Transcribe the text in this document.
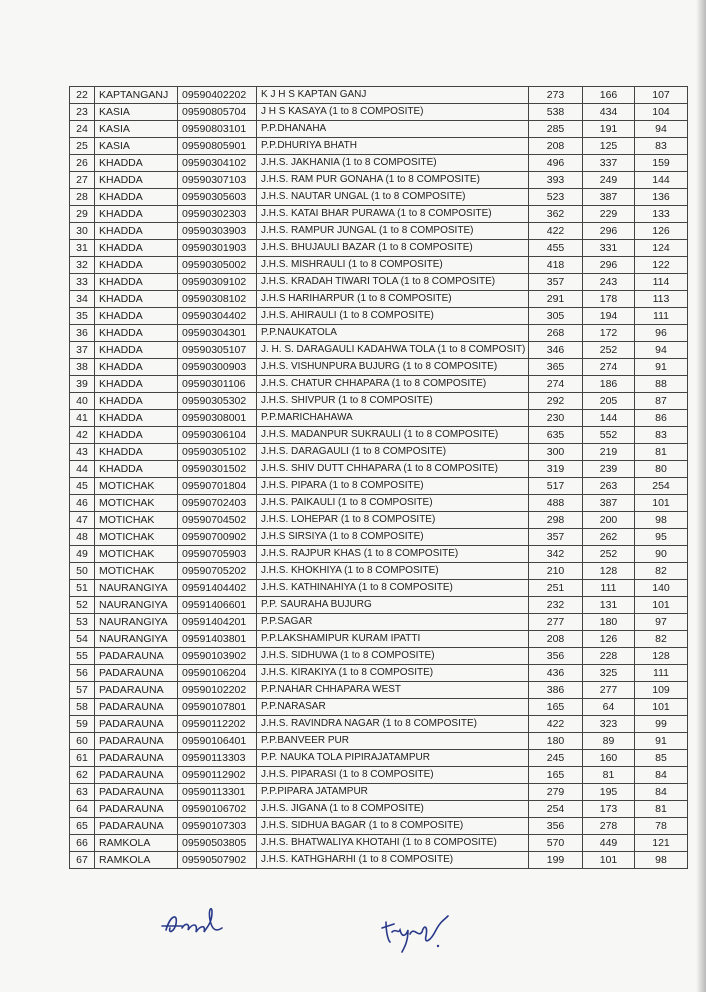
22	KAPTANGANJ	09590402202	K J H S KAPTAN GANJ	273	166	107
23	KASIA	09590805704	J H S KASAYA (1 to 8 COMPOSITE)	538	434	104
24	KASIA	09590803101	P.P.DHANAHA	285	191	94
25	KASIA	09590805901	P.P.DHURIYA BHATH	208	125	83
26	KHADDA	09590304102	J.H.S. JAKHANIA (1 to 8 COMPOSITE)	496	337	159
27	KHADDA	09590307103	J.H.S. RAM PUR GONAHA (1 to 8 COMPOSITE)	393	249	144
28	KHADDA	09590305603	J.H.S. NAUTAR UNGAL (1 to 8 COMPOSITE)	523	387	136
29	KHADDA	09590302303	J.H.S. KATAI BHAR PURAWA (1 to 8 COMPOSITE)	362	229	133
30	KHADDA	09590303903	J.H.S. RAMPUR JUNGAL (1 to 8 COMPOSITE)	422	296	126
31	KHADDA	09590301903	J.H.S. BHUJAULI BAZAR (1 to 8 COMPOSITE)	455	331	124
32	KHADDA	09590305002	J.H.S. MISHRAULI (1 to 8 COMPOSITE)	418	296	122
33	KHADDA	09590309102	J.H.S. KRADAH TIWARI TOLA (1 to 8 COMPOSITE)	357	243	114
34	KHADDA	09590308102	J.H.S HARIHARPUR (1 to 8 COMPOSITE)	291	178	113
35	KHADDA	09590304402	J.H.S. AHIRAULI (1 to 8 COMPOSITE)	305	194	111
36	KHADDA	09590304301	P.P.NAUKATOLA	268	172	96
37	KHADDA	09590305107	J. H. S. DARAGAULI KADAHWA TOLA (1 to 8 COMPOSIT)	346	252	94
38	KHADDA	09590300903	J.H.S. VISHUNPURA BUJURG (1 to 8 COMPOSITE)	365	274	91
39	KHADDA	09590301106	J.H.S. CHATUR CHHAPARA (1 to 8 COMPOSITE)	274	186	88
40	KHADDA	09590305302	J.H.S. SHIVPUR (1 to 8 COMPOSITE)	292	205	87
41	KHADDA	09590308001	P.P.MARICHAHAWA	230	144	86
42	KHADDA	09590306104	J.H.S. MADANPUR SUKRAULI (1 to 8 COMPOSITE)	635	552	83
43	KHADDA	09590305102	J.H.S. DARAGAULI (1 to 8 COMPOSITE)	300	219	81
44	KHADDA	09590301502	J.H.S. SHIV DUTT CHHAPARA (1 to 8 COMPOSITE)	319	239	80
45	MOTICHAK	09590701804	J.H.S. PIPARA (1 to 8 COMPOSITE)	517	263	254
46	MOTICHAK	09590702403	J.H.S. PAIKAULI (1 to 8 COMPOSITE)	488	387	101
47	MOTICHAK	09590704502	J.H.S. LOHEPAR (1 to 8 COMPOSITE)	298	200	98
48	MOTICHAK	09590700902	J.H.S SIRSIYA (1 to 8 COMPOSITE)	357	262	95
49	MOTICHAK	09590705903	J.H.S. RAJPUR KHAS (1 to 8 COMPOSITE)	342	252	90
50	MOTICHAK	09590705202	J.H.S. KHOKHIYA (1 to 8 COMPOSITE)	210	128	82
51	NAURANGIYA	09591404402	J.H.S. KATHINAHIYA (1 to 8 COMPOSITE)	251	111	140
52	NAURANGIYA	09591406601	P.P. SAURAHA BUJURG	232	131	101
53	NAURANGIYA	09591404201	P.P.SAGAR	277	180	97
54	NAURANGIYA	09591403801	P.P.LAKSHAMIPUR KURAM IPATTI	208	126	82
55	PADARAUNA	09590103902	J.H.S. SIDHUWA (1 to 8 COMPOSITE)	356	228	128
56	PADARAUNA	09590106204	J.H.S. KIRAKIYA (1 to 8 COMPOSITE)	436	325	111
57	PADARAUNA	09590102202	P.P.NAHAR CHHAPARA WEST	386	277	109
58	PADARAUNA	09590107801	P.P.NARASAR	165	64	101
59	PADARAUNA	09590112202	J.H.S. RAVINDRA NAGAR (1 to 8 COMPOSITE)	422	323	99
60	PADARAUNA	09590106401	P.P.BANVEER PUR	180	89	91
61	PADARAUNA	09590113303	P.P. NAUKA TOLA PIPIRAJATAMPUR	245	160	85
62	PADARAUNA	09590112902	J.H.S. PIPARASI (1 to 8 COMPOSITE)	165	81	84
63	PADARAUNA	09590113301	P.P.PIPARA JATAMPUR	279	195	84
64	PADARAUNA	09590106702	J.H.S. JIGANA (1 to 8 COMPOSITE)	254	173	81
65	PADARAUNA	09590107303	J.H.S. SIDHUA BAGAR (1 to 8 COMPOSITE)	356	278	78
66	RAMKOLA	09590503805	J.H.S. BHATWALIYA KHOTAHI (1 to 8 COMPOSITE)	570	449	121
67	RAMKOLA	09590507902	J.H.S. KATHGHARHI (1 to 8 COMPOSITE)	199	101	98
